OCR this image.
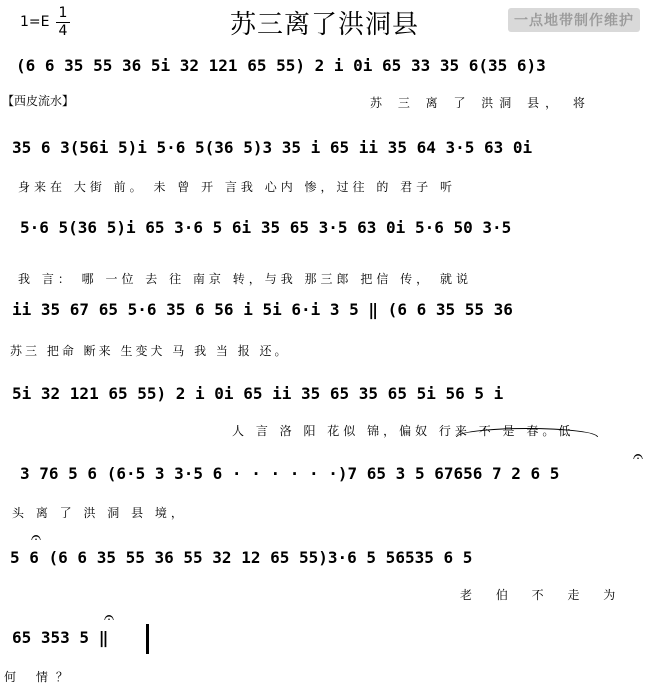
苏三离了洪洞县
1=E
1
4
一点地带制作维护
(6 6 35 55 36 5i 32 121 65 55) 2 i 0i 65 33 35 6(35 6)3
【西皮流水】	苏 三 离 了 洪洞 县， 将
35 6 3(56i 5)i 5·6 5(36 5)3 35 i 65 ii 35 64 3·5 63 0i
身来在 大街 前。 未 曾 开 言我 心内 惨，过往 的 君子 听
5·6 5(36 5)i 65 3·6 5 6i 35 65 3·5 63 0i 5·6 50 3·5
我 言： 哪 一位 去 往 南京 转，与我 那三郎 把信 传， 就说
ii 35 67 65 5·6 35 6 56 i 5i 6·i 3 5 ‖ (6 6 35 55 36
苏三 把命 断来 生变犬 马 我 当 报 还。
5i 32 121 65 55) 2 i 0i 65 ii 35 65 35 65 5i 56 5 i
人 言 洛 阳 花似 锦，偏奴 行来 不 是 春。低
3 76 5 6 (6·5 3 3·5 6 · · · · · ·)7 65 3 5 67656 7 2 6 5
头 离 了 洪 洞 县 境，
5 6 (6 6 35 55 36 55 32 12 65 55)3·6 5 56535 6 5
老 伯 不 走 为
65 353 5 ‖
何 情？
𝄐
𝄐
𝄐
